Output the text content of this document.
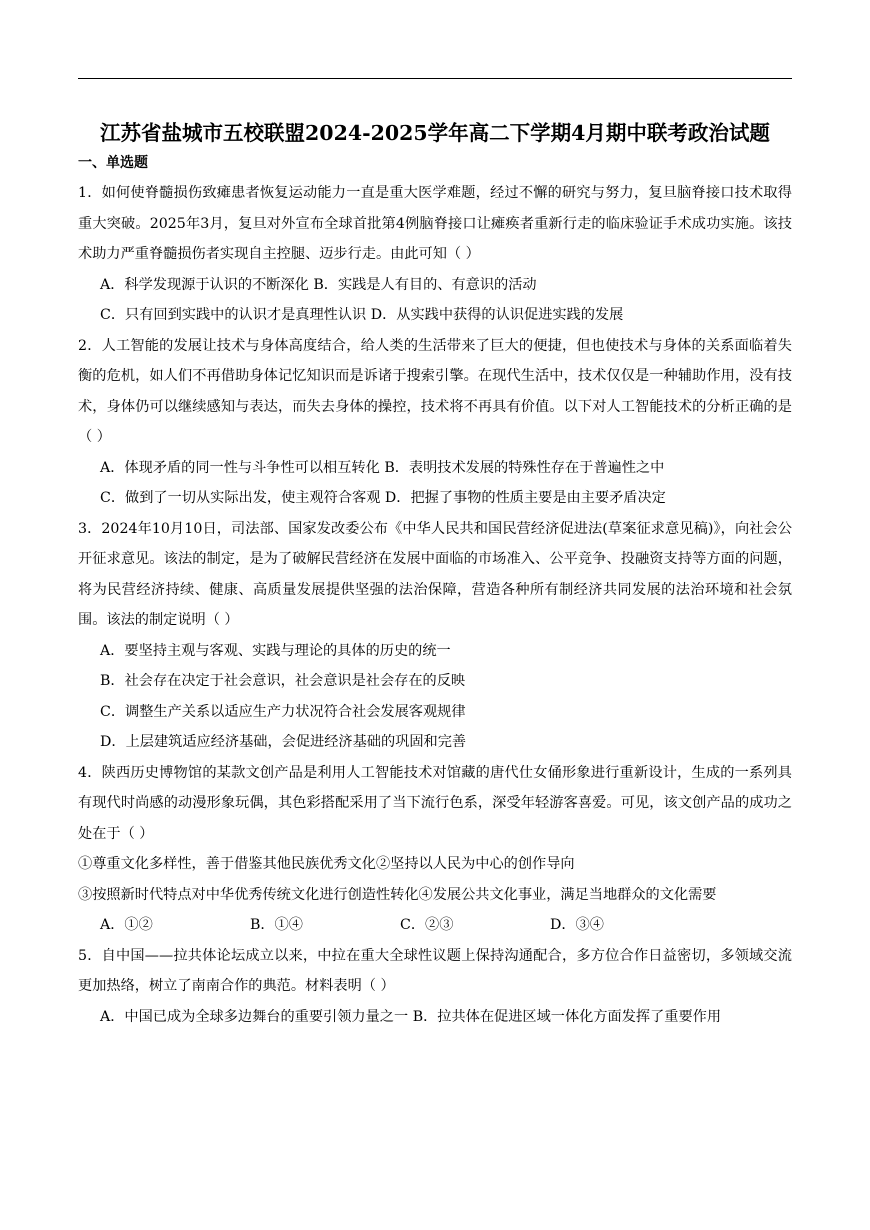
江苏省盐城市五校联盟2024-2025学年高二下学期4月期中联考政治试题
一、单选题

1．如何使脊髓损伤致瘫患者恢复运动能力一直是重大医学难题，经过不懈的研究与努力，复旦脑脊接口技术取得重大突破。2025年3月，复旦对外宣布全球首批第4例脑脊接口让瘫痪者重新行走的临床验证手术成功实施。该技术助力严重脊髓损伤者实现自主控腿、迈步行走。由此可知（ ）

A．科学发现源于认识的不断深化 B．实践是人有目的、有意识的活动

C．只有回到实践中的认识才是真理性认识 D．从实践中获得的认识促进实践的发展

2．人工智能的发展让技术与身体高度结合，给人类的生活带来了巨大的便捷，但也使技术与身体的关系面临着失衡的危机，如人们不再借助身体记忆知识而是诉诸于搜索引擎。在现代生活中，技术仅仅是一种辅助作用，没有技术，身体仍可以继续感知与表达，而失去身体的操控，技术将不再具有价值。以下对人工智能技术的分析正确的是（ ）

A．体现矛盾的同一性与斗争性可以相互转化 B．表明技术发展的特殊性存在于普遍性之中

C．做到了一切从实际出发，使主观符合客观 D．把握了事物的性质主要是由主要矛盾决定

3．2024年10月10日，司法部、国家发改委公布《中华人民共和国民营经济促进法(草案征求意见稿)》，向社会公开征求意见。该法的制定，是为了破解民营经济在发展中面临的市场准入、公平竞争、投融资支持等方面的问题，将为民营经济持续、健康、高质量发展提供坚强的法治保障，营造各种所有制经济共同发展的法治环境和社会氛围。该法的制定说明（ ）

A．要坚持主观与客观、实践与理论的具体的历史的统一

B．社会存在决定于社会意识，社会意识是社会存在的反映

C．调整生产关系以适应生产力状况符合社会发展客观规律

D．上层建筑适应经济基础，会促进经济基础的巩固和完善

4．陕西历史博物馆的某款文创产品是利用人工智能技术对馆藏的唐代仕女俑形象进行重新设计，生成的一系列具有现代时尚感的动漫形象玩偶，其色彩搭配采用了当下流行色系，深受年轻游客喜爱。可见，该文创产品的成功之处在于（ ）

①尊重文化多样性，善于借鉴其他民族优秀文化②坚持以人民为中心的创作导向

③按照新时代特点对中华优秀传统文化进行创造性转化④发展公共文化事业，满足当地群众的文化需要

A．①②	B．①④	C．②③	D．③④

5．自中国——拉共体论坛成立以来，中拉在重大全球性议题上保持沟通配合，多方位合作日益密切，多领域交流更加热络，树立了南南合作的典范。材料表明（ ）

A．中国已成为全球多边舞台的重要引领力量之一 B．拉共体在促进区域一体化方面发挥了重要作用
